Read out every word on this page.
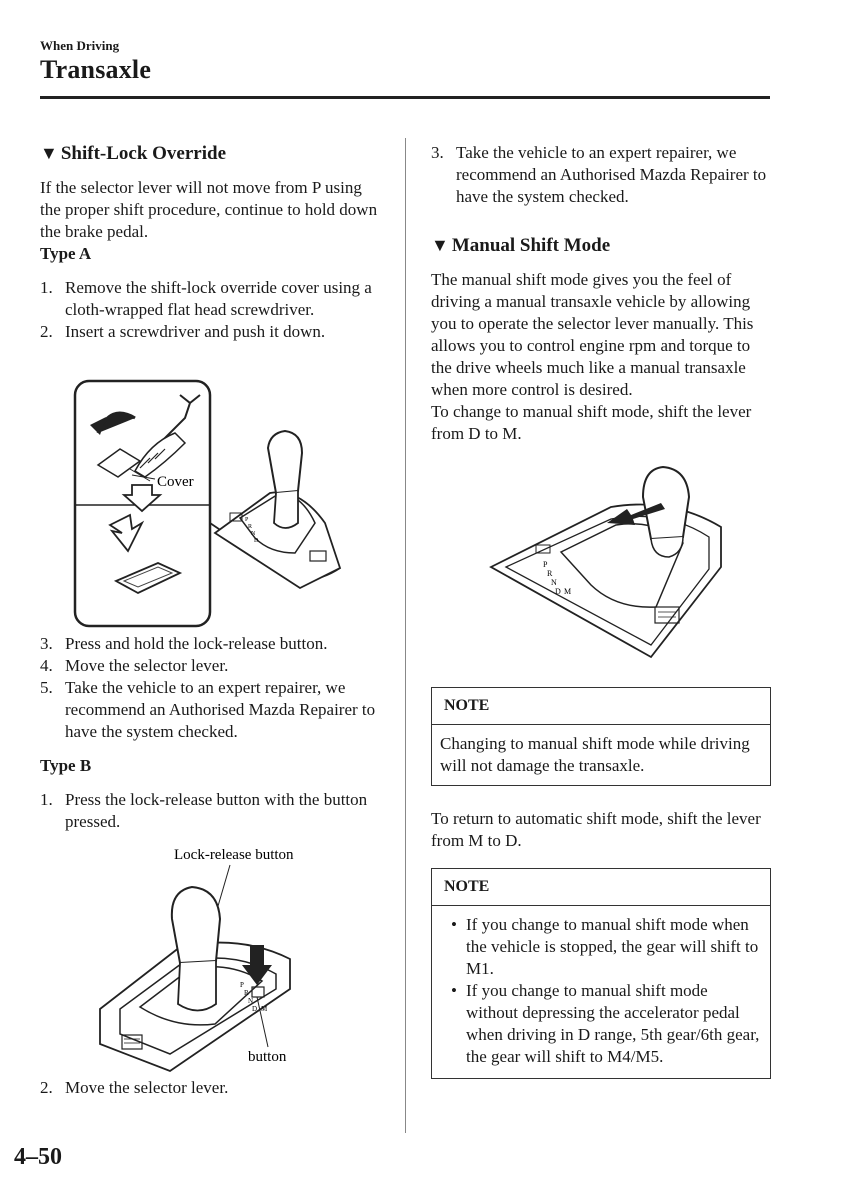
When Driving
Transaxle
▼ Shift-Lock Override

If the selector lever will not move from P using the proper shift procedure, continue to hold down the brake pedal.

Type A

1. Remove the shift-lock override cover using a cloth-wrapped flat head screwdriver.
2. Insert a screwdriver and push it down.
P
R
N
D
Cover
3. Press and hold the lock-release button.
4. Move the selector lever.
5. Take the vehicle to an expert repairer, we recommend an Authorised Mazda Repairer to have the system checked.

Type B

1. Press the lock-release button with the button pressed.
Lock-release button
P
R
N
D M
button
2. Move the selector lever.
3. Take the vehicle to an expert repairer, we recommend an Authorised Mazda Repairer to have the system checked.
▼ Manual Shift Mode

The manual shift mode gives you the feel of driving a manual transaxle vehicle by allowing you to operate the selector lever manually. This allows you to control engine rpm and torque to the drive wheels much like a manual transaxle when more control is desired.

To change to manual shift mode, shift the lever from D to M.

P
R
N
D M
NOTE
Changing to manual shift mode while driving will not damage the transaxle.

To return to automatic shift mode, shift the lever from M to D.

NOTE
• If you change to manual shift mode when the vehicle is stopped, the gear will shift to M1.
• If you change to manual shift mode without depressing the accelerator pedal when driving in D range, 5th gear/6th gear, the gear will shift to M4/M5.
4–50
